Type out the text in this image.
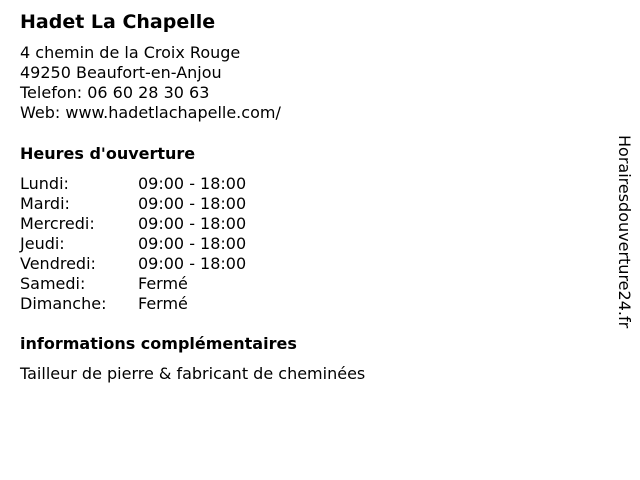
Hadet La Chapelle
4 chemin de la Croix Rouge
49250 Beaufort-en-Anjou
Telefon: 06 60 28 30 63
Web: www.hadetlachapelle.com/
Heures d'ouverture
Lundi:	09:00 - 18:00
Mardi:	09:00 - 18:00
Mercredi:	09:00 - 18:00
Jeudi:	09:00 - 18:00
Vendredi:	09:00 - 18:00
Samedi:	Fermé
Dimanche: Fermé
informations complémentaires
Tailleur de pierre & fabricant de cheminées
Horairesdouverture24.fr
